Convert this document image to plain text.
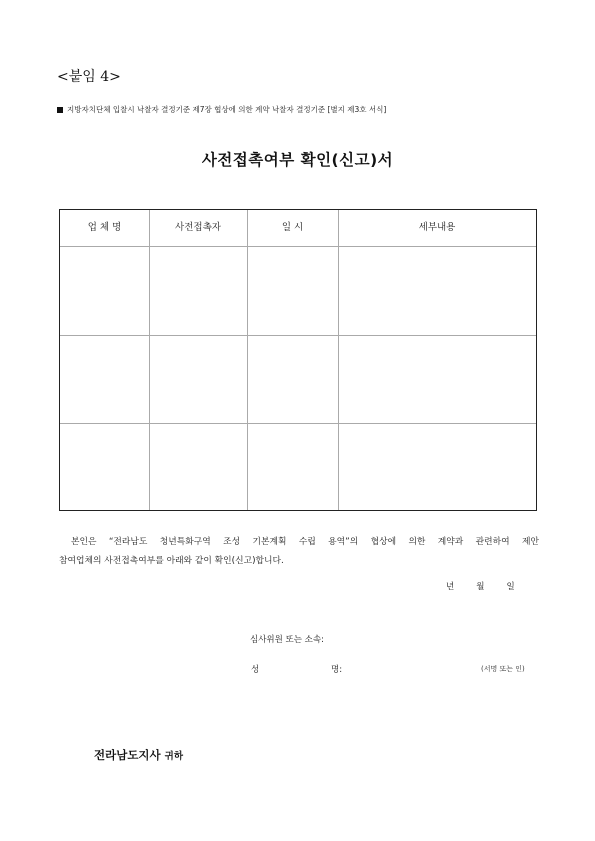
<붙임 4>
지방자치단체 입찰시 낙찰자 결정기준 제7장 협상에 의한 계약 낙찰자 결정기준 [별지 제3호 서식]
사전접촉여부 확인(신고)서
업 체 명	사전접촉자	일 시	세부내용
본인은 “전라남도 청년특화구역 조성 기본계획 수립 용역”의 협상에 의한 계약과 관련하여 제안
참여업체의 사전접촉여부를 아래와 같이 확인(신고)합니다.
년	월	일
심사위원 또는 소속:
성	명:	(서명 또는 인)
전라남도지사 귀하
